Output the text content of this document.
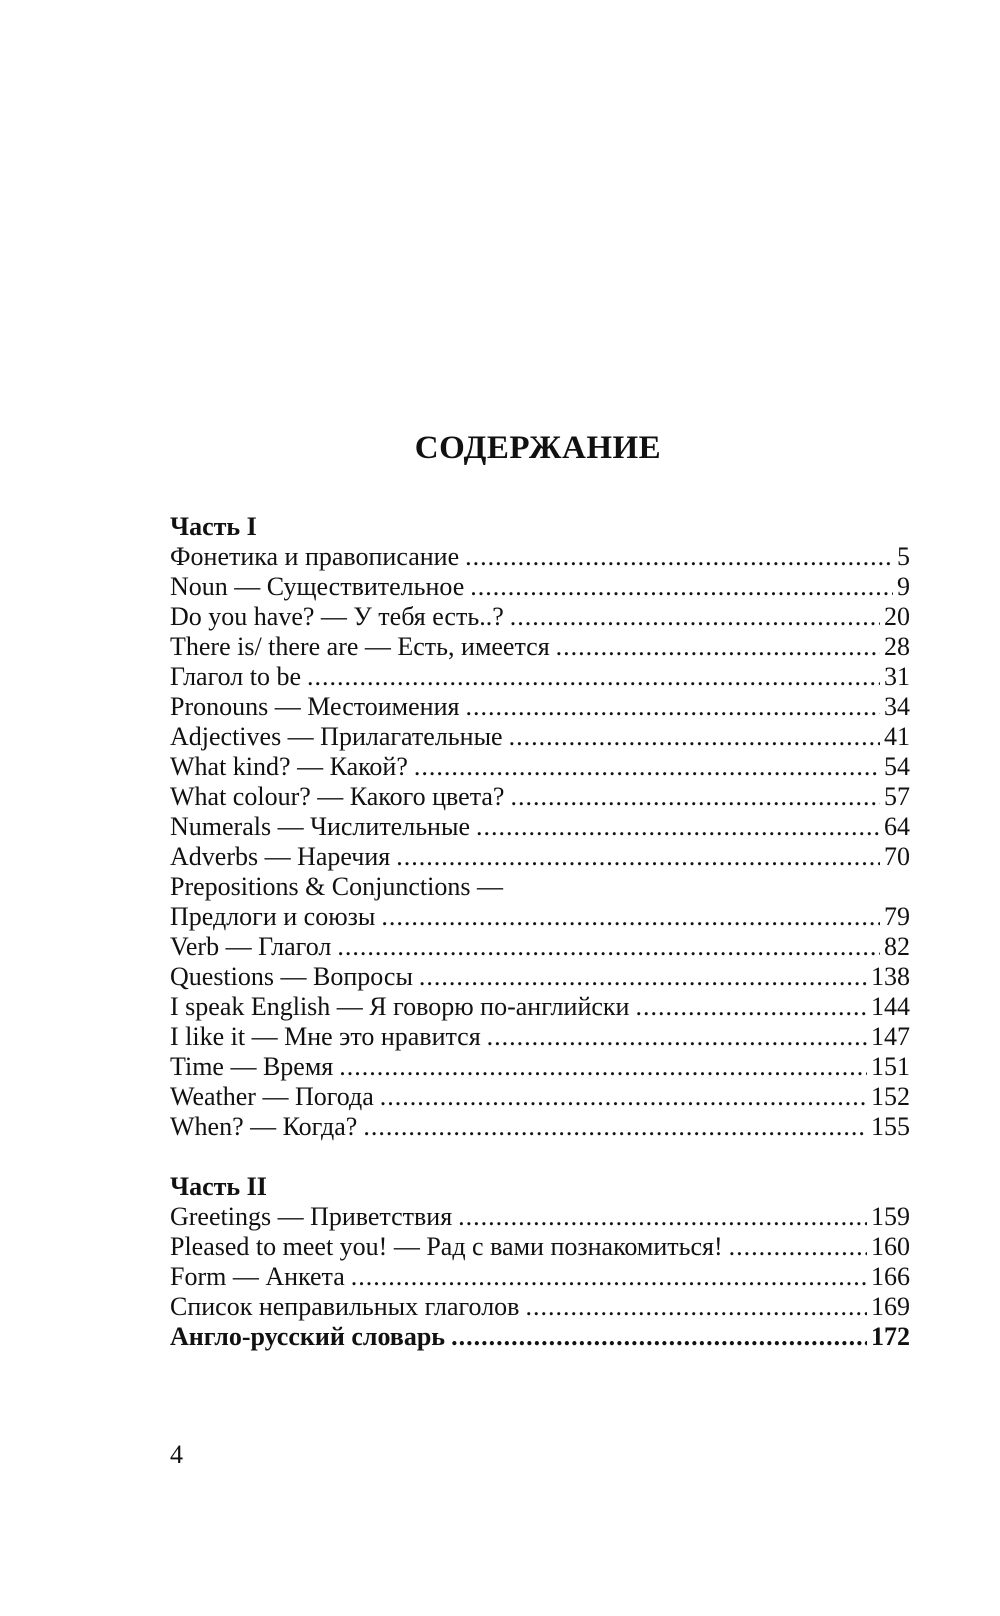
СОДЕРЖАНИЕ
Часть I
Фонетика и правописание .....	5
Noun — Существительное .....	9
Do you have? — У тебя есть..? .....	20
There is/ there are — Есть, имеется .....	28
Глагол to be .....	31
Pronouns — Местоимения .....	34
Adjectives — Прилагательные .....	41
What kind? — Какой? .....	54
What colour? — Какого цвета? .....	57
Numerals — Числительные .....	64
Adverbs — Наречия .....	70
Prepositions & Conjunctions —
Предлоги и союзы .....	79
Verb — Глагол .....	82
Questions — Вопросы .....	138
I speak English — Я говорю по-английски .....	144
I like it — Мне это нравится .....	147
Time — Время .....	151
Weather — Погода .....	152
When? — Когда? .....	155
Часть II
Greetings — Приветствия .....	159
Pleased to meet you! — Рад с вами познакомиться! .....	160
Form — Анкета .....	166
Список неправильных глаголов .....	169
Англо-русский словарь .....	172

4
